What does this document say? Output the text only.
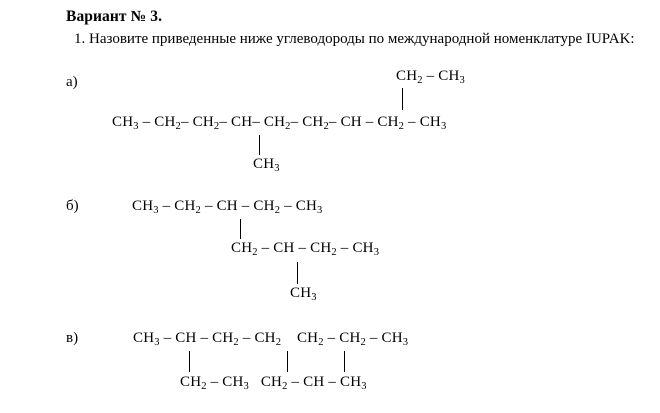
Вариант № 3.
1. Назовите приведенные ниже углеводороды по международной номенклатуре IUPAK:
а)	$CH_2 - CH_3$
$CH_3 - CH_2-$ $CH_2-$ CH– $CH_2-$ $CH_2-$ CH – $CH_2 - CH_3$
$CH_3$
б)	$CH_3 - CH_2$ – CH – $CH_2 - CH_3$
$CH_2$ – CH – $CH_2 - CH_3$
$CH_3$
в)	$CH_3$ – CH – $CH_2 - CH_2$    $CH_2 - CH_2 - CH_3$
$CH_2 - CH_3$   $CH_2$ – CH – $CH_3$
